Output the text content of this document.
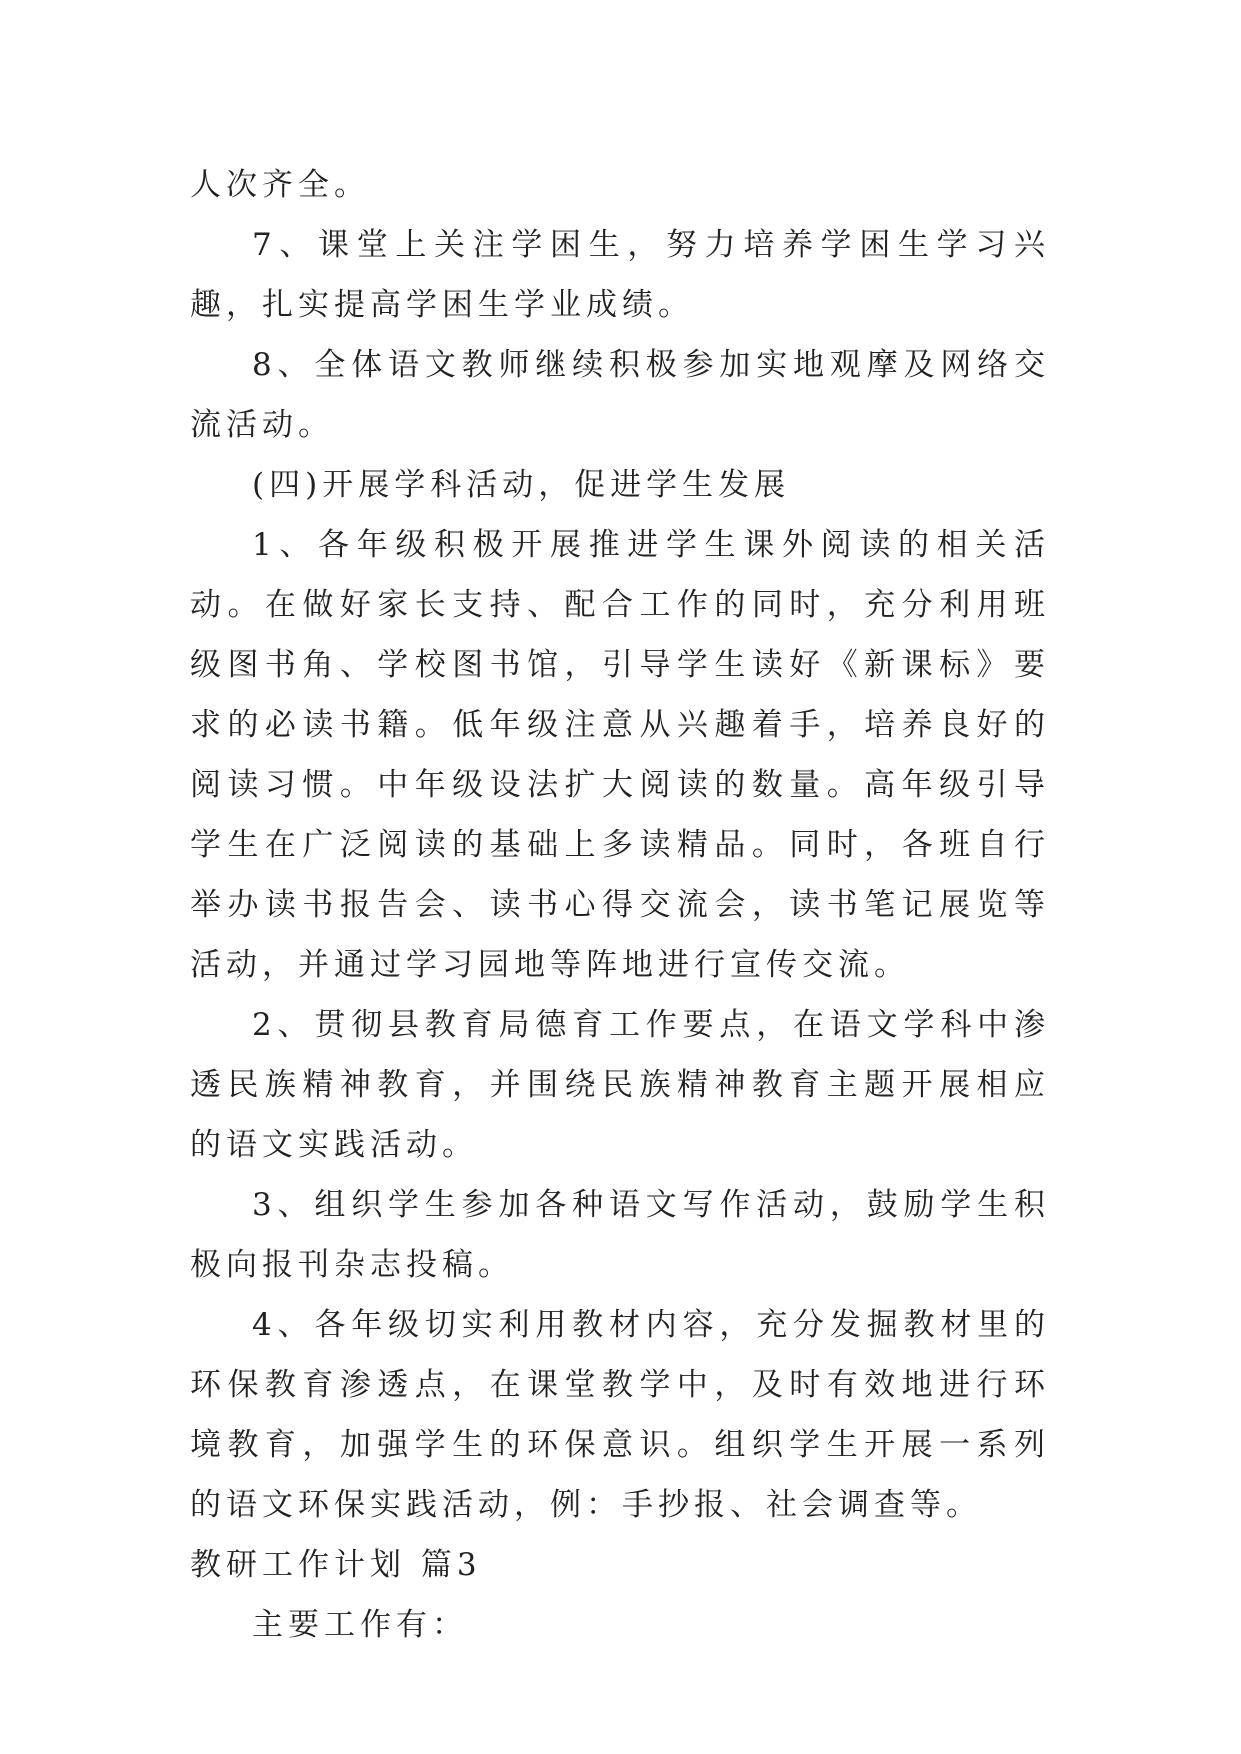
人次齐全。

7、课堂上关注学困生，努力培养学困生学习兴趣，扎实提高学困生学业成绩。

8、全体语文教师继续积极参加实地观摩及网络交流活动。

(四)开展学科活动，促进学生发展

1、各年级积极开展推进学生课外阅读的相关活动。在做好家长支持、配合工作的同时，充分利用班级图书角、学校图书馆，引导学生读好《新课标》要求的必读书籍。低年级注意从兴趣着手，培养良好的阅读习惯。中年级设法扩大阅读的数量。高年级引导学生在广泛阅读的基础上多读精品。同时，各班自行举办读书报告会、读书心得交流会，读书笔记展览等活动，并通过学习园地等阵地进行宣传交流。

2、贯彻县教育局德育工作要点，在语文学科中渗透民族精神教育，并围绕民族精神教育主题开展相应的语文实践活动。

3、组织学生参加各种语文写作活动，鼓励学生积极向报刊杂志投稿。

4、各年级切实利用教材内容，充分发掘教材里的环保教育渗透点，在课堂教学中，及时有效地进行环境教育，加强学生的环保意识。组织学生开展一系列的语文环保实践活动，例：手抄报、社会调查等。

教研工作计划 篇3

主要工作有：
